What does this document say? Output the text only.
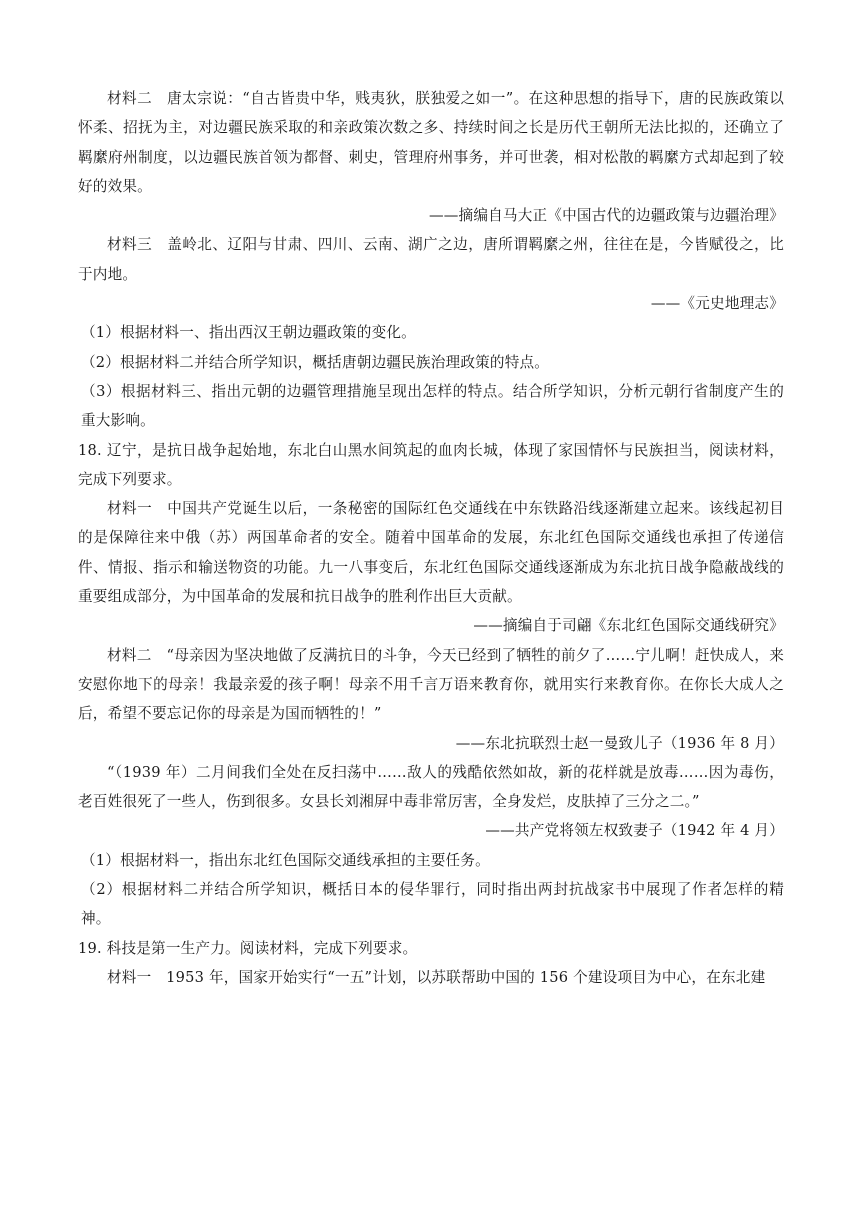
材料二　唐太宗说：“自古皆贵中华，贱夷狄，朕独爱之如一”。在这种思想的指导下，唐的民族政策以怀柔、招抚为主，对边疆民族采取的和亲政策次数之多、持续时间之长是历代王朝所无法比拟的，还确立了羁縻府州制度，以边疆民族首领为都督、刺史，管理府州事务，并可世袭，相对松散的羁縻方式却起到了较好的效果。

——摘编自马大正《中国古代的边疆政策与边疆治理》

材料三　盖岭北、辽阳与甘肃、四川、云南、湖广之边，唐所谓羁縻之州，往往在是，今皆赋役之，比于内地。

——《元史地理志》

（1）根据材料一、指出西汉王朝边疆政策的变化。

（2）根据材料二并结合所学知识，概括唐朝边疆民族治理政策的特点。

（3）根据材料三、指出元朝的边疆管理措施呈现出怎样的特点。结合所学知识，分析元朝行省制度产生的重大影响。

18. 辽宁，是抗日战争起始地，东北白山黑水间筑起的血肉长城，体现了家国情怀与民族担当，阅读材料，完成下列要求。

材料一　中国共产党诞生以后，一条秘密的国际红色交通线在中东铁路沿线逐渐建立起来。该线起初目的是保障往来中俄（苏）两国革命者的安全。随着中国革命的发展，东北红色国际交通线也承担了传递信件、情报、指示和输送物资的功能。九一八事变后，东北红色国际交通线逐渐成为东北抗日战争隐蔽战线的重要组成部分，为中国革命的发展和抗日战争的胜利作出巨大贡献。

——摘编自于司翩《东北红色国际交通线研究》

材料二　“母亲因为坚决地做了反满抗日的斗争，今天已经到了牺牲的前夕了……宁儿啊！赶快成人，来安慰你地下的母亲！我最亲爱的孩子啊！母亲不用千言万语来教育你，就用实行来教育你。在你长大成人之后，希望不要忘记你的母亲是为国而牺牲的！”

——东北抗联烈士赵一曼致儿子（1936 年 8 月）

“（1939 年）二月间我们全处在反扫荡中……敌人的残酷依然如故，新的花样就是放毒……因为毒伤，老百姓很死了一些人，伤到很多。女县长刘湘屏中毒非常厉害，全身发烂，皮肤掉了三分之二。”

——共产党将领左权致妻子（1942 年 4 月）

（1）根据材料一，指出东北红色国际交通线承担的主要任务。

（2）根据材料二并结合所学知识，概括日本的侵华罪行，同时指出两封抗战家书中展现了作者怎样的精神。

19. 科技是第一生产力。阅读材料，完成下列要求。

材料一　1953 年，国家开始实行“一五”计划，以苏联帮助中国的 156 个建设项目为中心，在东北建
